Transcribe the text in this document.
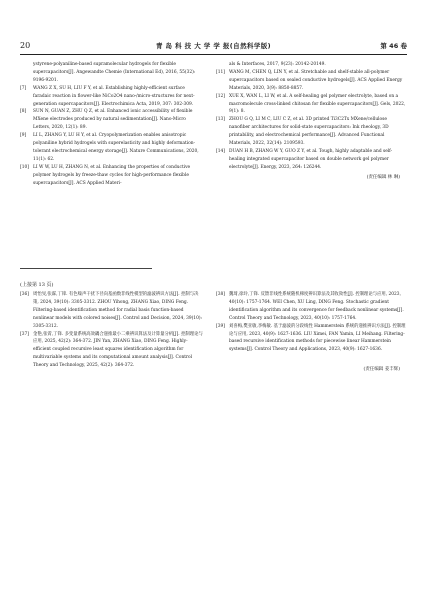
20	青 岛 科 技 大 学 学 报(自然科学版)	第 46 卷
ystyrene-polyaniline-based supramolecular hydrogels for flexible supercapacitors[J]. Angewandte Chemie (International Ed), 2016, 55(32): 9196-9201.
[7] WANG Z X, SU H, LIU F Y, et al. Establishing highly-efficient surface faradaic reaction in flower-like NiCo2O4 nano-/micro-structures for next-generation supercapacitors[J]. Electrochimica Acta, 2019, 307: 302-309.
[8] SUN N, GUAN Z, ZHU Q Z, et al. Enhanced ionic accessibility of flexible MXene electrodes produced by natural sedimentation[J]. Nano-Micro Letters, 2020, 12(1): 89.
[9] LI L, ZHANG Y, LU H Y, et al. Cryopolymerization enables anisotropic polyaniline hybrid hydrogels with superelasticity and highly deformation-tolerant electrochemical energy storage[J]. Nature Communications, 2020, 11(1): 62.
[10] LI W W, LU H, ZHANG N, et al. Enhancing the properties of conductive polymer hydrogels by freeze-thaw cycles for high-performance flexible supercapacitors[J]. ACS Applied Materi-
als & Interfaces, 2017, 9(23): 20142-20149.
[11] WANG M, CHEN Q, LIN Y, et al. Stretchable and shelf-stable all-polymer supercapacitors based on sealed conductive hydrogels[J]. ACS Applied Energy Materials, 2020, 3(9): 8850-8857.
[12] XUE X, WAN L, LI W, et al. A self-healing gel polymer electrolyte, based on a macromolecule cross-linked chitosan for flexible supercapacitors[J]. Gels, 2022, 9(1): 8.
[13] ZHOU G Q, LI M C, LIU C Z, et al. 3D printed Ti3C2Tx MXene/cellulose nanofiber architectures for solid-state supercapacitors: Ink rheology, 3D printability, and electrochemical performance[J]. Advanced Functional Materials, 2022, 32(14): 2109593.
[14] DUAN H B, ZHANG W Y, GUO Z Y, et al. Tough, highly adaptable and self-healing integrated supercapacitor based on double network gel polymer electrolyte[J]. Energy, 2023, 264: 126244.
(责任编辑 林 琳)
(上接第 13 页)
[36] 周怡旻,张霖,丁锋. 有色噪声干扰下径向基函数非线性模型的滤波辨识方法[J]. 控制与决策, 2024, 39(10): 3305-3312. ZHOU Yihong, ZHANG Xiao, DING Feng. Filtering-based identification method for radial basis function-based nonlinear models with colored noises[J]. Control and Decision, 2024, 39(10): 3305-3312.
[37] 金艳,张霄,丁锋. 多变量系统高效耦合递推最小二乘辨识算法及计算量分析[J]. 控制理论与应用, 2025, 42(2): 364-372. JIN Yan, ZHANG Xiao, DING Feng. Highly-efficient coupled recursive least squares identification algorithm for multivariable systems and its computational amount analysis[J]. Control Theory and Technology, 2025, 42(2): 364-372.
[38] 魏琦,徐玲,丁锋. 反馈非线性系统随机梯度辨识算法及其收敛性[J]. 控制理论与应用, 2023, 40(10): 1757-1764. WEI Chen, XU Ling, DING Feng. Stochastic gradient identification algorithm and its convergence for feedback nonlinear systems[J]. Control Theory and Technology, 2023, 40(10): 1757-1764.
[39] 刘喜梅,樊亚敏,李梅敏. 基于滤波的分段线性 Hammerstein 系统的递推辨识方法[J]. 控制理论与应用, 2023, 40(9): 1627-1636. LIU Ximei, FAN Yamin, LI Meihang. Filtering-based recursive identification methods for piecewise linear Hammerstein systems[J]. Control Theory and Applications, 2023, 40(9): 1627-1636.
(责任编辑 姜丰辉)
